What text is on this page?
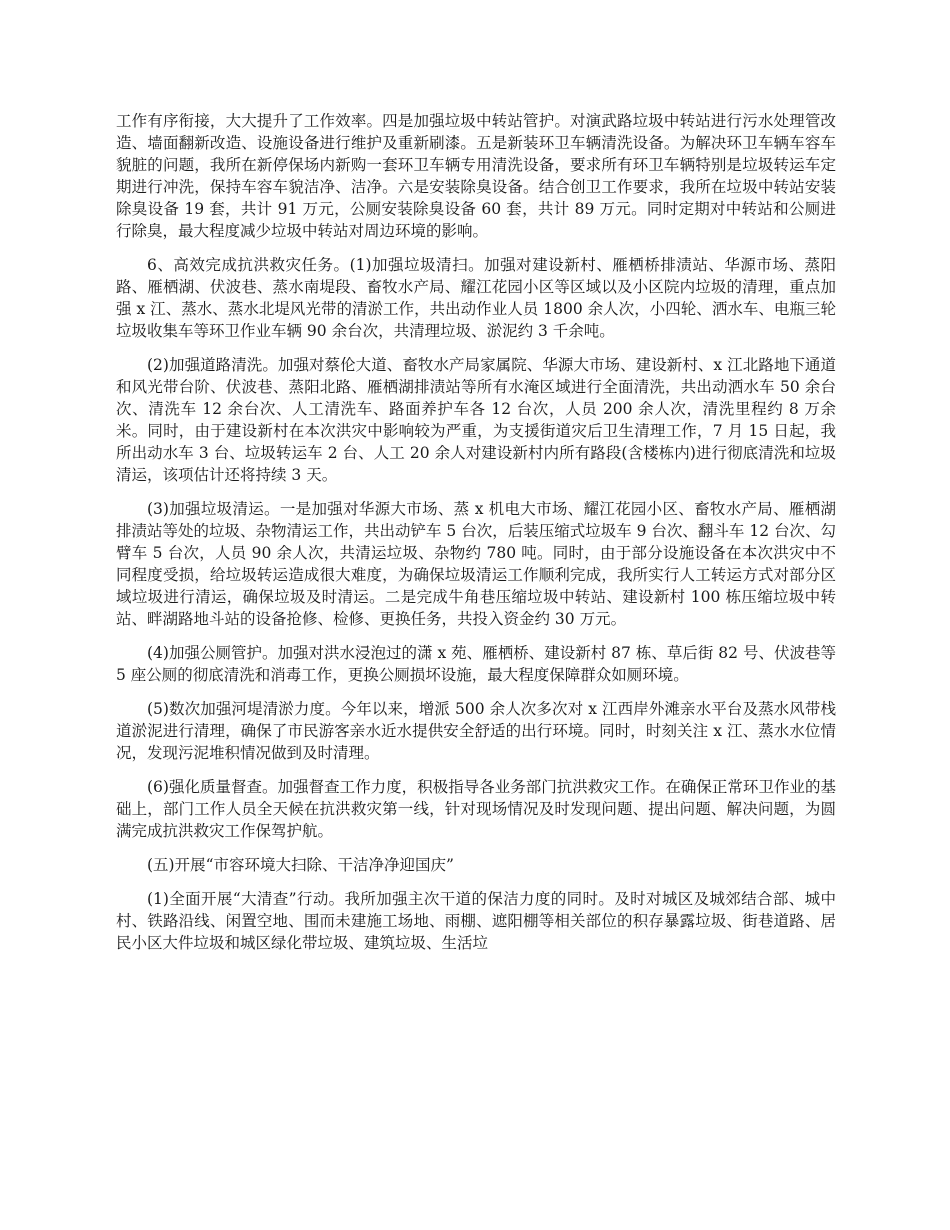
工作有序衔接，大大提升了工作效率。四是加强垃圾中转站管护。对演武路垃圾中转站进行污水处理管改造、墙面翻新改造、设施设备进行维护及重新刷漆。五是新装环卫车辆清洗设备。为解决环卫车辆车容车貌脏的问题，我所在新停保场内新购一套环卫车辆专用清洗设备，要求所有环卫车辆特别是垃圾转运车定期进行冲洗，保持车容车貌洁净、洁净。六是安装除臭设备。结合创卫工作要求，我所在垃圾中转站安装除臭设备 19 套，共计 91 万元，公厕安装除臭设备 60 套，共计 89 万元。同时定期对中转站和公厕进行除臭，最大程度减少垃圾中转站对周边环境的影响。

6、高效完成抗洪救灾任务。(1)加强垃圾清扫。加强对建设新村、雁栖桥排渍站、华源市场、蒸阳路、雁栖湖、伏波巷、蒸水南堤段、畜牧水产局、耀江花园小区等区域以及小区院内垃圾的清理，重点加强 x 江、蒸水、蒸水北堤风光带的清淤工作，共出动作业人员 1800 余人次，小四轮、洒水车、电瓶三轮垃圾收集车等环卫作业车辆 90 余台次，共清理垃圾、淤泥约 3 千余吨。

(2)加强道路清洗。加强对蔡伦大道、畜牧水产局家属院、华源大市场、建设新村、x 江北路地下通道和风光带台阶、伏波巷、蒸阳北路、雁栖湖排渍站等所有水淹区域进行全面清洗，共出动洒水车 50 余台次、清洗车 12 余台次、人工清洗车、路面养护车各 12 台次，人员 200 余人次，清洗里程约 8 万余米。同时，由于建设新村在本次洪灾中影响较为严重，为支援街道灾后卫生清理工作，7 月 15 日起，我所出动水车 3 台、垃圾转运车 2 台、人工 20 余人对建设新村内所有路段(含楼栋内)进行彻底清洗和垃圾清运，该项估计还将持续 3 天。

(3)加强垃圾清运。一是加强对华源大市场、蒸 x 机电大市场、耀江花园小区、畜牧水产局、雁栖湖排渍站等处的垃圾、杂物清运工作，共出动铲车 5 台次，后装压缩式垃圾车 9 台次、翻斗车 12 台次、勾臂车 5 台次，人员 90 余人次，共清运垃圾、杂物约 780 吨。同时，由于部分设施设备在本次洪灾中不同程度受损，给垃圾转运造成很大难度，为确保垃圾清运工作顺利完成，我所实行人工转运方式对部分区域垃圾进行清运，确保垃圾及时清运。二是完成牛角巷压缩垃圾中转站、建设新村 100 栋压缩垃圾中转站、畔湖路地斗站的设备抢修、检修、更换任务，共投入资金约 30 万元。

(4)加强公厕管护。加强对洪水浸泡过的潇 x 苑、雁栖桥、建设新村 87 栋、草后街 82 号、伏波巷等 5 座公厕的彻底清洗和消毒工作，更换公厕损坏设施，最大程度保障群众如厕环境。

(5)数次加强河堤清淤力度。今年以来，增派 500 余人次多次对 x 江西岸外滩亲水平台及蒸水风带栈道淤泥进行清理，确保了市民游客亲水近水提供安全舒适的出行环境。同时，时刻关注 x 江、蒸水水位情况，发现污泥堆积情况做到及时清理。

(6)强化质量督查。加强督查工作力度，积极指导各业务部门抗洪救灾工作。在确保正常环卫作业的基础上，部门工作人员全天候在抗洪救灾第一线，针对现场情况及时发现问题、提出问题、解决问题，为圆满完成抗洪救灾工作保驾护航。

(五)开展“市容环境大扫除、干洁净净迎国庆”

(1)全面开展“大清查”行动。我所加强主次干道的保洁力度的同时。及时对城区及城郊结合部、城中村、铁路沿线、闲置空地、围而未建施工场地、雨棚、遮阳棚等相关部位的积存暴露垃圾、街巷道路、居民小区大件垃圾和城区绿化带垃圾、建筑垃圾、生活垃
